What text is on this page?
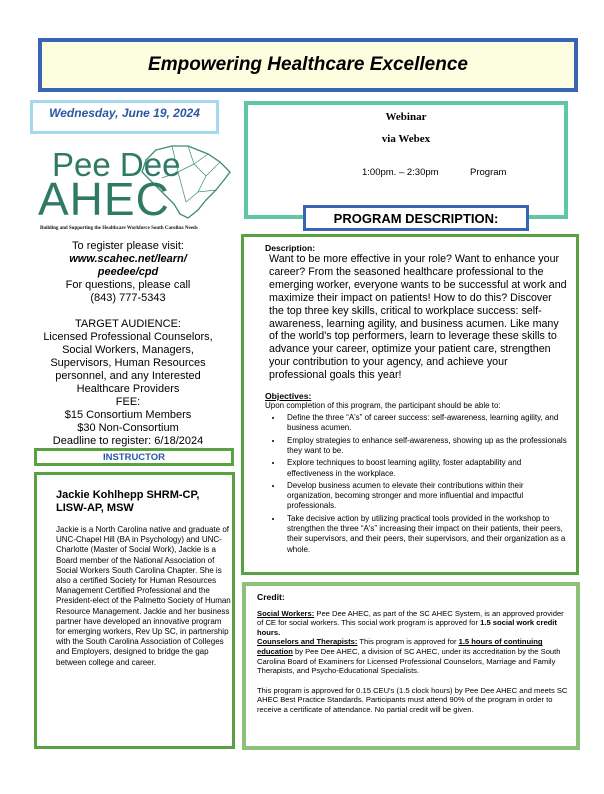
Empowering Healthcare Excellence
Wednesday, June 19, 2024	Webinar
via Webex
1:00pm. – 2:30pm	Program
PROGRAM DESCRIPTION:
Pee Dee
AHEC
Building and Supporting the Healthcare Workforce South Carolina Needs

To register please visit:

www.scahec.net/learn/

peedee/cpd

For questions, please call

(843) 777-5343

TARGET AUDIENCE:

Licensed Professional Counselors, Social Workers, Managers, Supervisors, Human Resources personnel, and any Interested Healthcare Providers

FEE:

$15 Consortium Members

$30 Non-Consortium

Deadline to register: 6/18/2024

INSTRUCTOR
Jackie Kohlhepp SHRM-CP, LISW-AP, MSW
Jackie is a North Carolina native and graduate of UNC-Chapel Hill (BA in Psychology) and UNC-Charlotte (Master of Social Work), Jackie is a Board member of the National Association of Social Workers South Carolina Chapter. She is also a certified Society for Human Resources Management Certified Professional and the President-elect of the Palmetto Society of Human Resource Management. Jackie and her business partner have developed an innovative program for emerging workers, Rev Up SC, in partnership with the South Carolina Association of Colleges and Employers, designed to bridge the gap between college and career.
Description:
Want to be more effective in your role? Want to enhance your career? From the seasoned healthcare professional to the emerging worker, everyone wants to be successful at work and maximize their impact on patients! How to do this? Discover the top three key skills, critical to workplace success: self-awareness, learning agility, and business acumen. Like many of the world's top performers, learn to leverage these skills to advance your career, optimize your patient care, strengthen your contribution to your agency, and achieve your professional goals this year!
Objectives:
Upon completion of this program, the participant should be able to:
• Define the three “A's” of career success: self-awareness, learning agility, and business acumen.
• Employ strategies to enhance self-awareness, showing up as the professionals they want to be.
• Explore techniques to boost learning agility, foster adaptability and effectiveness in the workplace.
• Develop business acumen to elevate their contributions within their organization, becoming stronger and more influential and impactful professionals.
• Take decisive action by utilizing practical tools provided in the workshop to strengthen the three “A's” increasing their impact on their patients, their peers, their supervisors, and their peers, their supervisors, and their organization as a whole.

Credit:

Social Workers: Pee Dee AHEC, as part of the SC AHEC System, is an approved provider of CE for social workers. This social work program is approved for 1.5 social work credit hours.

Counselors and Therapists: This program is approved for 1.5 hours of continuing education by Pee Dee AHEC, a division of SC AHEC, under its accreditation by the South Carolina Board of Examiners for Licensed Professional Counselors, Marriage and Family Therapists, and Psycho-Educational Specialists.

This program is approved for 0.15 CEU's (1.5 clock hours) by Pee Dee AHEC and meets SC AHEC Best Practice Standards. Participants must attend 90% of the program in order to receive a certificate of attendance. No partial credit will be given.
